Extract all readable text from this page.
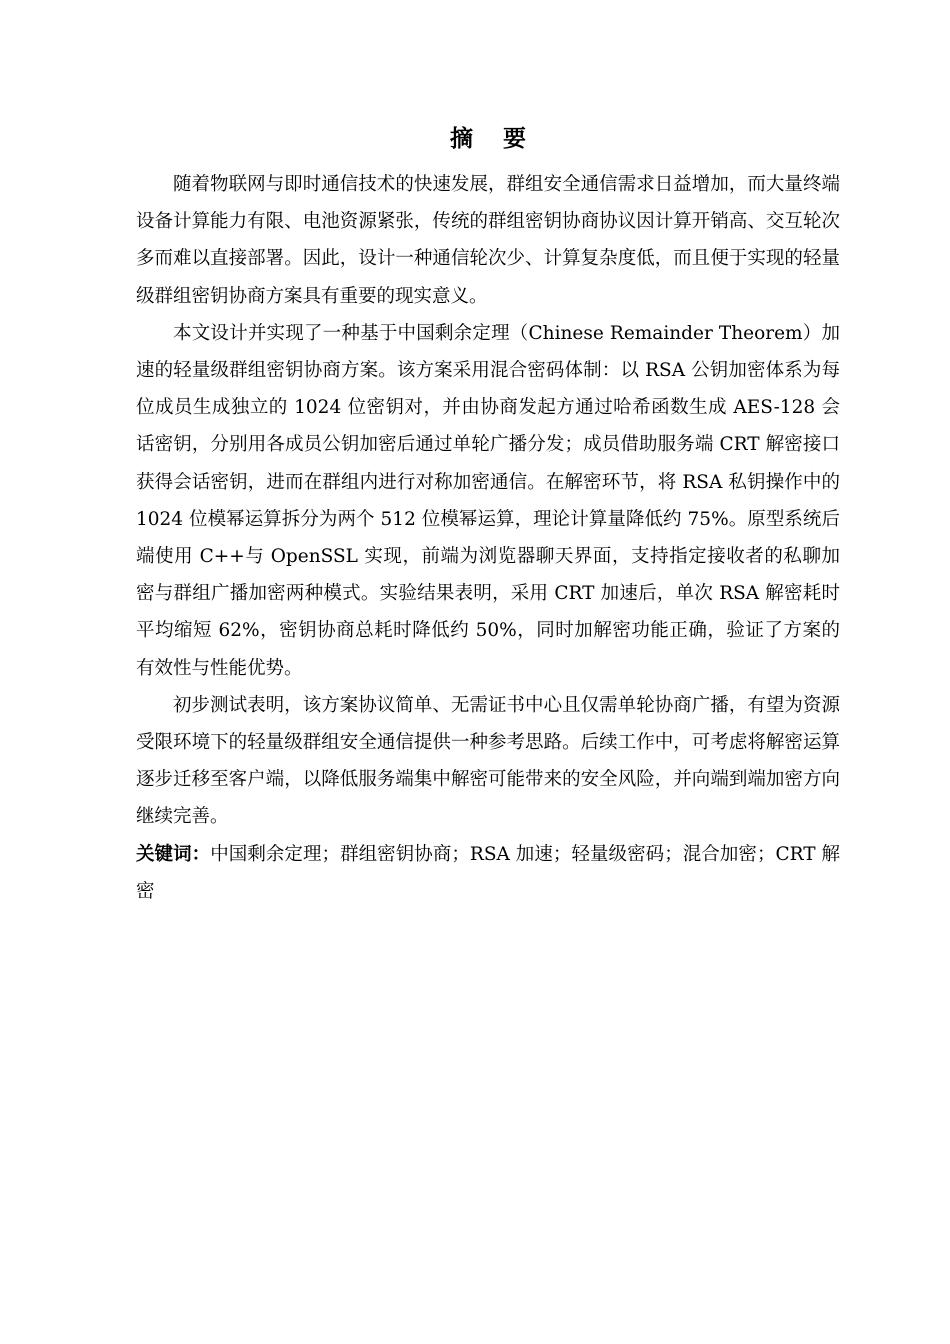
摘要

随着物联网与即时通信技术的快速发展，群组安全通信需求日益增加，而大量终端设备计算能力有限、电池资源紧张，传统的群组密钥协商协议因计算开销高、交互轮次多而难以直接部署。因此，设计一种通信轮次少、计算复杂度低，而且便于实现的轻量级群组密钥协商方案具有重要的现实意义。

本文设计并实现了一种基于中国剩余定理（Chinese Remainder Theorem）加速的轻量级群组密钥协商方案。该方案采用混合密码体制：以 RSA 公钥加密体系为每位成员生成独立的 1024 位密钥对，并由协商发起方通过哈希函数生成 AES-128 会话密钥，分别用各成员公钥加密后通过单轮广播分发；成员借助服务端 CRT 解密接口获得会话密钥，进而在群组内进行对称加密通信。在解密环节，将 RSA 私钥操作中的 1024 位模幂运算拆分为两个 512 位模幂运算，理论计算量降低约 75%。原型系统后端使用 C++与 OpenSSL 实现，前端为浏览器聊天界面，支持指定接收者的私聊加密与群组广播加密两种模式。实验结果表明，采用 CRT 加速后，单次 RSA 解密耗时平均缩短 62%，密钥协商总耗时降低约 50%，同时加解密功能正确，验证了方案的有效性与性能优势。

初步测试表明，该方案协议简单、无需证书中心且仅需单轮协商广播，有望为资源受限环境下的轻量级群组安全通信提供一种参考思路。后续工作中，可考虑将解密运算逐步迁移至客户端，以降低服务端集中解密可能带来的安全风险，并向端到端加密方向继续完善。

关键词：中国剩余定理；群组密钥协商；RSA 加速；轻量级密码；混合加密；CRT 解密
